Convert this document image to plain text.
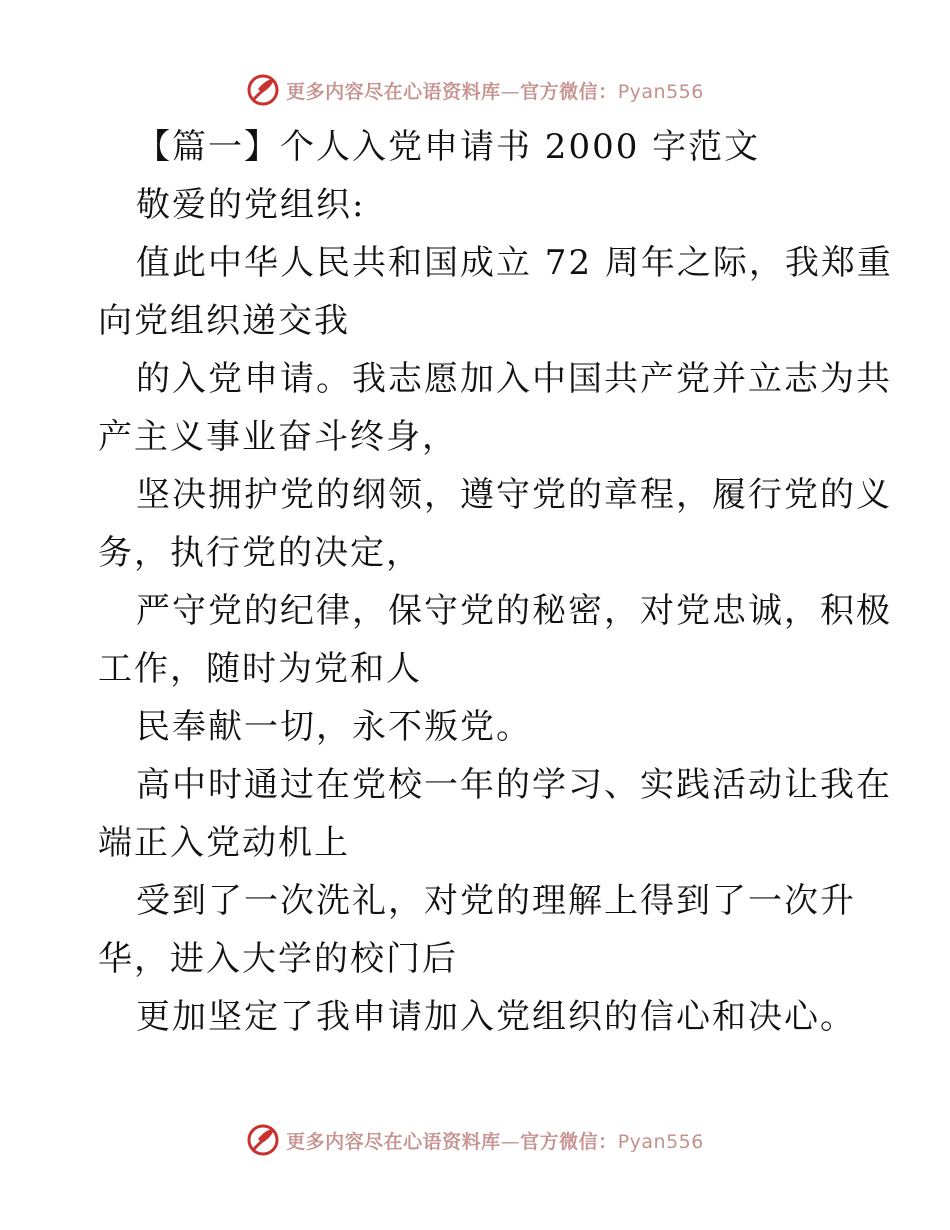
更多内容尽在心语资料库—官方微信：Pyan556
【篇一】个人入党申请书 2000 字范文
敬爱的党组织:
值此中华人民共和国成立 72 周年之际，我郑重
向党组织递交我
的入党申请。我志愿加入中国共产党并立志为共
产主义事业奋斗终身，
坚决拥护党的纲领，遵守党的章程，履行党的义
务，执行党的决定，
严守党的纪律，保守党的秘密，对党忠诚，积极
工作，随时为党和人
民奉献一切，永不叛党。
高中时通过在党校一年的学习、实践活动让我在
端正入党动机上
受到了一次洗礼，对党的理解上得到了一次升
华，进入大学的校门后
更加坚定了我申请加入党组织的信心和决心。
更多内容尽在心语资料库—官方微信：Pyan556
